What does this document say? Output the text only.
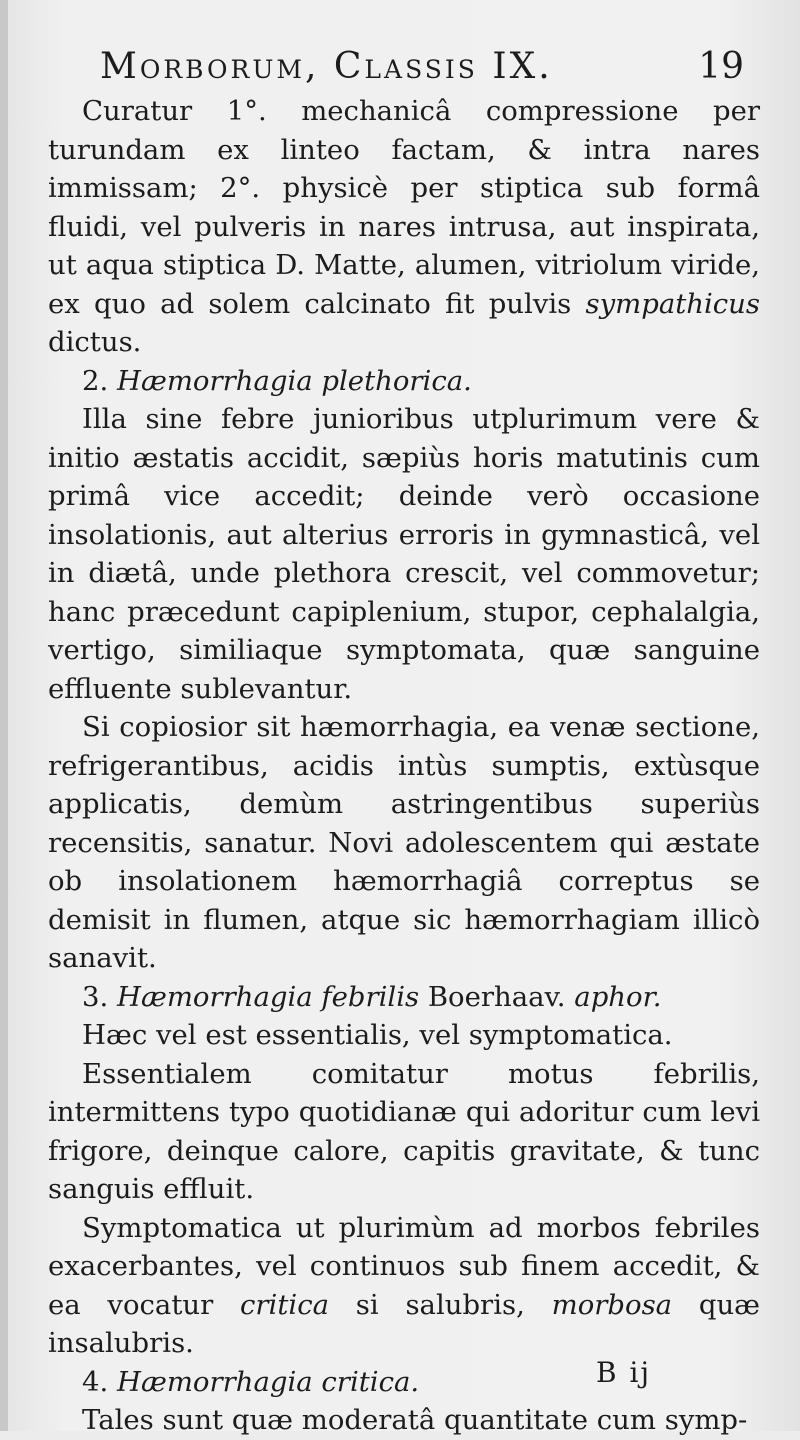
Morborum, Classis IX.	19

Curatur 1°. mechanicâ compressione per turundam ex linteo factam, & intra nares immissam; 2°. physicè per stiptica sub formâ fluidi, vel pulveris in nares intrusa, aut inspirata, ut aqua stiptica D. Matte, alumen, vitriolum viride, ex quo ad solem calcinato fit pulvis sympathicus dictus.

2. Hæmorrhagia plethorica.

Illa sine febre junioribus utplurimum vere & initio æstatis accidit, sæpiùs horis matutinis cum primâ vice accedit; deinde verò occasione insolationis, aut alterius erroris in gymnasticâ, vel in diætâ, unde plethora crescit, vel commovetur; hanc præcedunt capiplenium, stupor, cephalalgia, vertigo, similiaque symptomata, quæ sanguine effluente sublevantur.

Si copiosior sit hæmorrhagia, ea venæ sectione, refrigerantibus, acidis intùs sumptis, extùsque applicatis, demùm astringentibus superiùs recensitis, sanatur. Novi adolescentem qui æstate ob insolationem hæmorrhagiâ correptus se demisit in flumen, atque sic hæmorrhagiam illicò sanavit.

3. Hæmorrhagia febrilis Boerhaav. aphor.

Hæc vel est essentialis, vel symptomatica.

Essentialem comitatur motus febrilis, intermittens typo quotidianæ qui adoritur cum levi frigore, deinque calore, capitis gravitate, & tunc sanguis effluit.

Symptomatica ut plurimùm ad morbos febriles exacerbantes, vel continuos sub finem accedit, & ea vocatur critica si salubris, morbosa quæ insalubris.

4. Hæmorrhagia critica.

Tales sunt quæ moderatâ quantitate cum symp-

B ij
